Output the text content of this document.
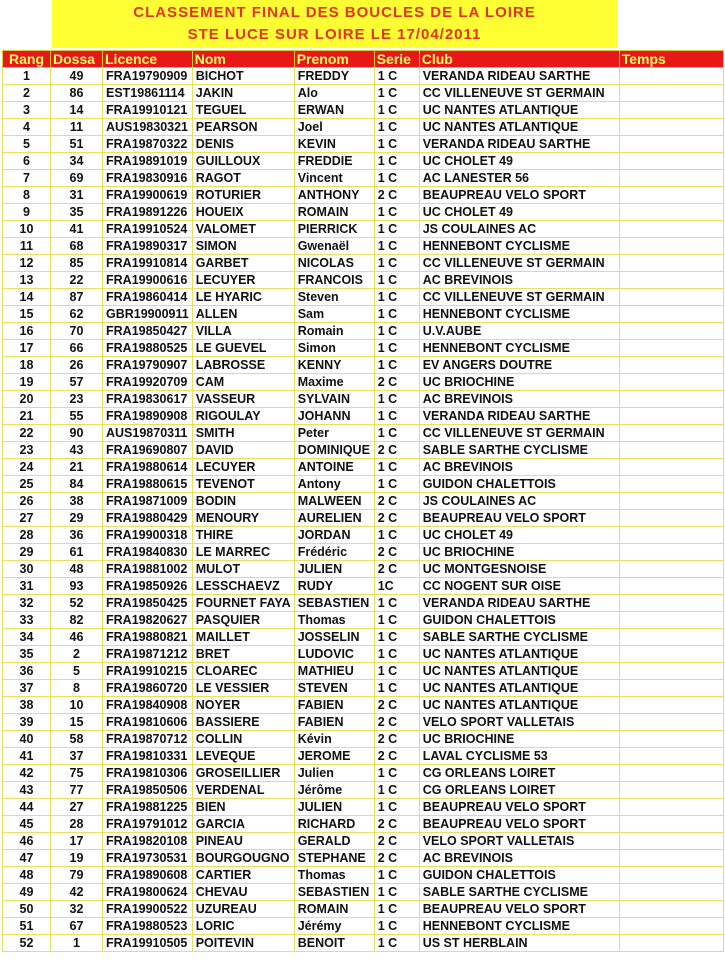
CLASSEMENT FINAL DES BOUCLES DE LA LOIRE
STE LUCE SUR LOIRE LE 17/04/2011
Rang	Dossa	Licence	Nom	Prenom	Serie	Club	Temps
1	49	FRA19790909	BICHOT	FREDDY	1 C	VERANDA RIDEAU SARTHE	
2	86	EST19861114	JAKIN	Alo	1 C	CC VILLENEUVE ST GERMAIN	
3	14	FRA19910121	TEGUEL	ERWAN	1 C	UC NANTES ATLANTIQUE	
4	11	AUS19830321	PEARSON	Joel	1 C	UC NANTES ATLANTIQUE	
5	51	FRA19870322	DENIS	KEVIN	1 C	VERANDA RIDEAU SARTHE	
6	34	FRA19891019	GUILLOUX	FREDDIE	1 C	UC CHOLET 49	
7	69	FRA19830916	RAGOT	Vincent	1 C	AC LANESTER 56	
8	31	FRA19900619	ROTURIER	ANTHONY	2 C	BEAUPREAU VELO SPORT	
9	35	FRA19891226	HOUEIX	ROMAIN	1 C	UC CHOLET 49	
10	41	FRA19910524	VALOMET	PIERRICK	1 C	JS COULAINES AC	
11	68	FRA19890317	SIMON	Gwenaël	1 C	HENNEBONT CYCLISME	
12	85	FRA19910814	GARBET	NICOLAS	1 C	CC VILLENEUVE ST GERMAIN	
13	22	FRA19900616	LECUYER	FRANCOIS	1 C	AC BREVINOIS	
14	87	FRA19860414	LE HYARIC	Steven	1 C	CC VILLENEUVE ST GERMAIN	
15	62	GBR19900911	ALLEN	Sam	1 C	HENNEBONT CYCLISME	
16	70	FRA19850427	VILLA	Romain	1 C	U.V.AUBE	
17	66	FRA19880525	LE GUEVEL	Simon	1 C	HENNEBONT CYCLISME	
18	26	FRA19790907	LABROSSE	KENNY	1 C	EV ANGERS DOUTRE	
19	57	FRA19920709	CAM	Maxime	2 C	UC BRIOCHINE	
20	23	FRA19830617	VASSEUR	SYLVAIN	1 C	AC BREVINOIS	
21	55	FRA19890908	RIGOULAY	JOHANN	1 C	VERANDA RIDEAU SARTHE	
22	90	AUS19870311	SMITH	Peter	1 C	CC VILLENEUVE ST GERMAIN	
23	43	FRA19690807	DAVID	DOMINIQUE	2 C	SABLE SARTHE CYCLISME	
24	21	FRA19880614	LECUYER	ANTOINE	1 C	AC BREVINOIS	
25	84	FRA19880615	TEVENOT	Antony	1 C	GUIDON CHALETTOIS	
26	38	FRA19871009	BODIN	MALWEEN	2 C	JS COULAINES AC	
27	29	FRA19880429	MENOURY	AURELIEN	2 C	BEAUPREAU VELO SPORT	
28	36	FRA19900318	THIRE	JORDAN	1 C	UC CHOLET 49	
29	61	FRA19840830	LE MARREC	Frédéric	2 C	UC BRIOCHINE	
30	48	FRA19881002	MULOT	JULIEN	2 C	UC MONTGESNOISE	
31	93	FRA19850926	LESSCHAEVZ	RUDY	1C	CC NOGENT SUR OISE	
32	52	FRA19850425	FOURNET FAYA	SEBASTIEN	1 C	VERANDA RIDEAU SARTHE	
33	82	FRA19820627	PASQUIER	Thomas	1 C	GUIDON CHALETTOIS	
34	46	FRA19880821	MAILLET	JOSSELIN	1 C	SABLE SARTHE CYCLISME	
35	2	FRA19871212	BRET	LUDOVIC	1 C	UC NANTES ATLANTIQUE	
36	5	FRA19910215	CLOAREC	MATHIEU	1 C	UC NANTES ATLANTIQUE	
37	8	FRA19860720	LE VESSIER	STEVEN	1 C	UC NANTES ATLANTIQUE	
38	10	FRA19840908	NOYER	FABIEN	2 C	UC NANTES ATLANTIQUE	
39	15	FRA19810606	BASSIERE	FABIEN	2 C	VELO SPORT VALLETAIS	
40	58	FRA19870712	COLLIN	Kévin	2 C	UC BRIOCHINE	
41	37	FRA19810331	LEVEQUE	JEROME	2 C	LAVAL CYCLISME 53	
42	75	FRA19810306	GROSEILLIER	Julien	1 C	CG ORLEANS LOIRET	
43	77	FRA19850506	VERDENAL	Jérôme	1 C	CG ORLEANS LOIRET	
44	27	FRA19881225	BIEN	JULIEN	1 C	BEAUPREAU VELO SPORT	
45	28	FRA19791012	GARCIA	RICHARD	2 C	BEAUPREAU VELO SPORT	
46	17	FRA19820108	PINEAU	GERALD	2 C	VELO SPORT VALLETAIS	
47	19	FRA19730531	BOURGOUGNO	STEPHANE	2 C	AC BREVINOIS	
48	79	FRA19890608	CARTIER	Thomas	1 C	GUIDON CHALETTOIS	
49	42	FRA19800624	CHEVAU	SEBASTIEN	1 C	SABLE SARTHE CYCLISME	
50	32	FRA19900522	UZUREAU	ROMAIN	1 C	BEAUPREAU VELO SPORT	
51	67	FRA19880523	LORIC	Jérémy	1 C	HENNEBONT CYCLISME	
52	1	FRA19910505	POITEVIN	BENOIT	1 C	US ST HERBLAIN	
